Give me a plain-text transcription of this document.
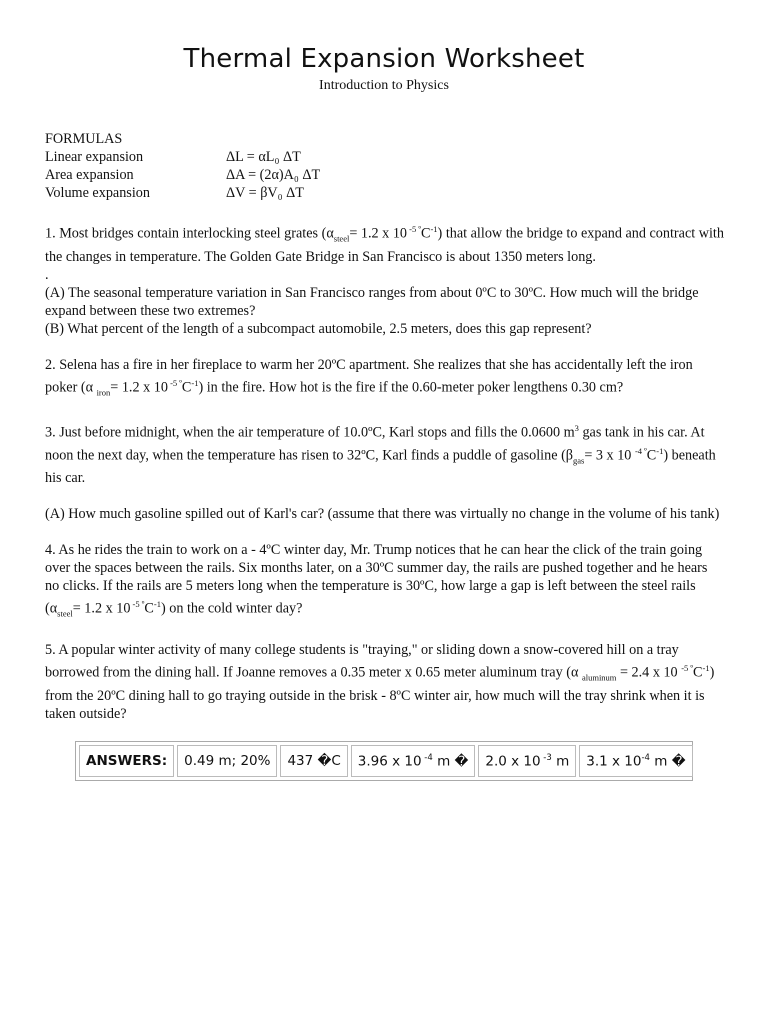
Thermal Expansion Worksheet
Introduction to Physics
FORMULAS
Linear expansion	ΔL = αL₀ ΔT
Area expansion	ΔA = (2α)A₀ ΔT
Volume expansion	ΔV = βV₀ ΔT

1. Most bridges contain interlocking steel grates ($\alpha_{steel}= 1.2$ x 10 $^{-5 º}C^{-1}$) that allow the bridge to expand and contract with the changes in temperature. The Golden Gate Bridge in San Francisco is about 1350 meters long.

.

(A) The seasonal temperature variation in San Francisco ranges from about 0ºC to 30ºC. How much will the bridge expand between these two extremes?

(B) What percent of the length of a subcompact automobile, 2.5 meters, does this gap represent?

2. Selena has a fire in her fireplace to warm her 20ºC apartment. She realizes that she has accidentally left the iron poker (α $_{iron}$= 1.2 x 10 $^{-5 º}C^{-1}$) in the fire. How hot is the fire if the 0.60-meter poker lengthens 0.30 cm?

3. Just before midnight, when the air temperature of 10.0ºC, Karl stops and fills the 0.0600 $m^3$ gas tank in his car. At noon the next day, when the temperature has risen to 32ºC, Karl finds a puddle of gasoline ($\beta_{gas}= 3$ x 10 $^{-4 º}C^{-1}$) beneath his car.

(A) How much gasoline spilled out of Karl's car? (assume that there was virtually no change in the volume of his tank)

4. As he rides the train to work on a - 4ºC winter day, Mr. Trump notices that he can hear the click of the train going over the spaces between the rails. Six months later, on a 30ºC summer day, the rails are pushed together and he hears no clicks. If the rails are 5 meters long when the temperature is 30ºC, how large a gap is left between the steel rails ($\alpha_{steel}= 1.2$ x 10 $^{-5 º}C^{-1}$) on the cold winter day?

5. A popular winter activity of many college students is "traying," or sliding down a snow-covered hill on a tray borrowed from the dining hall. If Joanne removes a 0.35 meter x 0.65 meter aluminum tray (α $_{aluminum}$ = 2.4 x 10 $^{-5 º}C^{-1}$) from the 20ºC dining hall to go traying outside in the brisk - 8ºC winter air, how much will the tray shrink when it is taken outside?

ANSWERS:	0.49 m; 20%	437 �C	3.96 x 10 $^{-4}$ m �	2.0 x 10 $^{-3}$ m	3.1 x $10^{-4}$ m �
